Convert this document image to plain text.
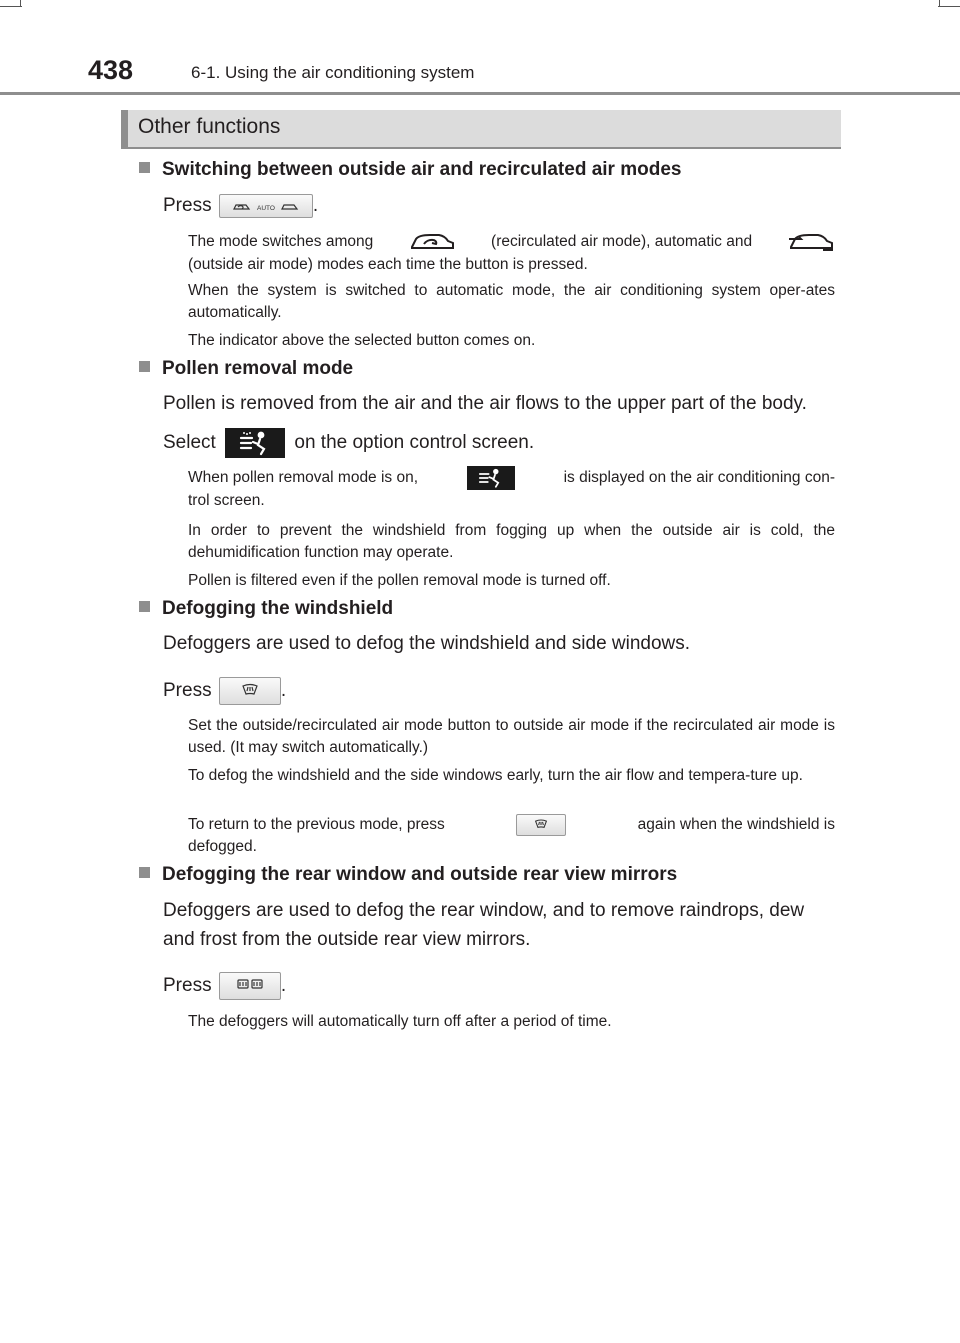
438	6-1. Using the air conditioning system
Other functions
Switching between outside air and recirculated air modes
Press	AUTO .
The mode switches among	(recirculated air mode), automatic and
(outside air mode) modes each time the button is pressed.
When the system is switched to automatic mode, the air conditioning system oper-ates automatically.
The indicator above the selected button comes on.
Pollen removal mode
Pollen is removed from the air and the air flows to the upper part of the body.
Select	on the option control screen.
When pollen removal mode is on,	is displayed on the air conditioning con-
trol screen.
In order to prevent the windshield from fogging up when the outside air is cold, the dehumidification function may operate.
Pollen is filtered even if the pollen removal mode is turned off.
Defogging the windshield
Defoggers are used to defog the windshield and side windows.
Press	.
Set the outside/recirculated air mode button to outside air mode if the recirculated air mode is used. (It may switch automatically.)
To defog the windshield and the side windows early, turn the air flow and tempera-ture up.
To return to the previous mode, press	again when the windshield is
defogged.
Defogging the rear window and outside rear view mirrors
Defoggers are used to defog the rear window, and to remove raindrops, dew
and frost from the outside rear view mirrors.
Press	.
The defoggers will automatically turn off after a period of time.
